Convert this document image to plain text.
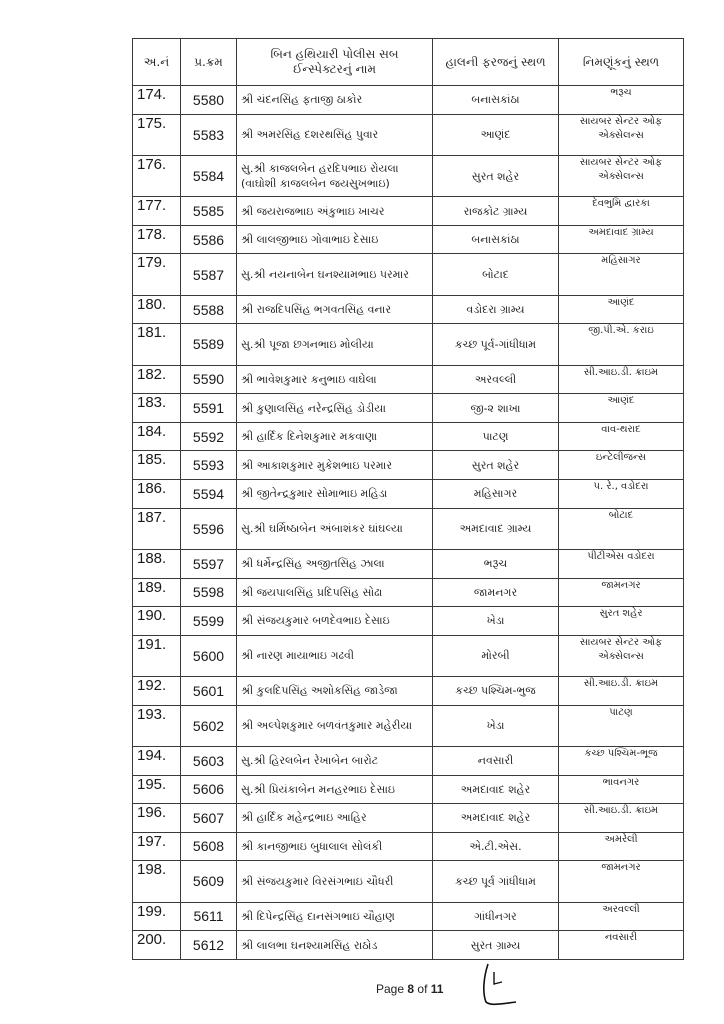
અ.નં	પ્ર.ક્રમ	બિન હથિયારી પોલીસ સબ ઈન્સ્પેક્ટરનું નામ	હાલની ફરજનું સ્થળ	નિમણૂંકનું સ્થળ
174.	5580	શ્રી ચંદનસિંહ ફતાજી ઠાકોર	બનાસકાંઠા	ભરૂચ
175.	5583	શ્રી અમરસિંહ દશરથસિંહ પુવાર	આણંદ	સાયબર સેન્ટર ઓફ એક્સેલન્સ
176.	5584	સુ.શ્રી કાજલબેન હરદિપભાઇ રોયલા (વાઘોશી કાજલબેન જયસુખભાઇ)	સુરત શહેર	સાયબર સેન્ટર ઓફ એક્સેલન્સ
177.	5585	શ્રી જયરાજભાઇ અંકુભાઇ ખાચર	રાજકોટ ગ્રામ્ય	દેવભુમિ દ્વારકા
178.	5586	શ્રી લાલજીભાઇ ગોવાભાઇ દેસાઇ	બનાસકાંઠા	અમદાવાદ ગ્રામ્ય
179.	5587	સુ.શ્રી નયનાબેન ઘનશ્યામભાઇ પરમાર	બોટાદ	મહિસાગર
180.	5588	શ્રી રાજદિપસિંહ ભગવતસિંહ વનાર	વડોદરા ગ્રામ્ય	આણંદ
181.	5589	સુ.શ્રી પૂજા છગનભાઇ મોલીયા	કચ્છ પૂર્વ-ગાંધીધામ	જી.પી.એ. કરાઇ
182.	5590	શ્રી ભાવેશકુમાર કનુભાઇ વાઘેલા	અરવલ્લી	સી.આઇ.ડી. ક્રાઇમ
183.	5591	શ્રી કુણાલસિંહ નરેન્દ્રસિંહ ડોડીયા	જી-૨ શાખા	આણંદ
184.	5592	શ્રી હાર્દિક દિનેશકુમાર મકવાણા	પાટણ	વાવ-થરાદ
185.	5593	શ્રી આકાશકુમાર મુકેશભાઇ પરમાર	સુરત શહેર	ઇન્ટેલીજન્સ
186.	5594	શ્રી જીતેન્દ્રકુમાર સોમાભાઇ મહિડા	મહિસાગર	પ. રે., વડોદરા
187.	5596	સુ.શ્રી ઘર્મિષ્ઠાબેન અંબાશંકર ઘાંઘલ્યા	અમદાવાદ ગ્રામ્ય	બોટાદ
188.	5597	શ્રી ધર્મેન્દ્રસિંહ અજીતસિંહ ઝાલા	ભરૂચ	પીટીએસ વડોદરા
189.	5598	શ્રી જયપાલસિંહ પ્રદિપસિંહ સોઢા	જામનગર	જામનગર
190.	5599	શ્રી સંજયકુમાર બળદેવભાઇ દેસાઇ	ખેડા	સુરત શહેર
191.	5600	શ્રી નારણ માયાભાઇ ગઢવી	મોરબી	સાયબર સેન્ટર ઓફ એક્સેલન્સ
192.	5601	શ્રી કુલદિપસિંહ અશોકસિંહ જાડેજા	કચ્છ પશ્ચિમ-ભુજ	સી.આઇ.ડી. ક્રાઇમ
193.	5602	શ્રી અલ્પેશકુમાર બળવંતકુમાર મહેરીયા	ખેડા	પાટણ
194.	5603	સુ.શ્રી હિરલબેન રેખાબેન બારોટ	નવસારી	કચ્છ પશ્ચિમ-ભૂજ
195.	5606	સુ.શ્રી પ્રિયંકાબેન મનહરભાઇ દેસાઇ	અમદાવાદ શહેર	ભાવનગર
196.	5607	શ્રી હાર્દિક મહેન્દ્રભાઇ આહિર	અમદાવાદ શહેર	સી.આઇ.ડી. ક્રાઇમ
197.	5608	શ્રી કાનજીભાઇ બુધાલાલ સોલંકી	એ.ટી.એસ.	અમરેલી
198.	5609	શ્રી સંજયકુમાર વિરસંગભાઇ ચૌધરી	કચ્છ પૂર્વ ગાંધીધામ	જામનગર
199.	5611	શ્રી દિપેન્દ્રસિંહ દાનસંગભાઇ ચૌહાણ	ગાંધીનગર	અરવલ્લી
200.	5612	શ્રી લાલભા ઘનશ્યામસિંહ રાઠોડ	સુરત ગ્રામ્ય	નવસારી
Page 8 of 11
